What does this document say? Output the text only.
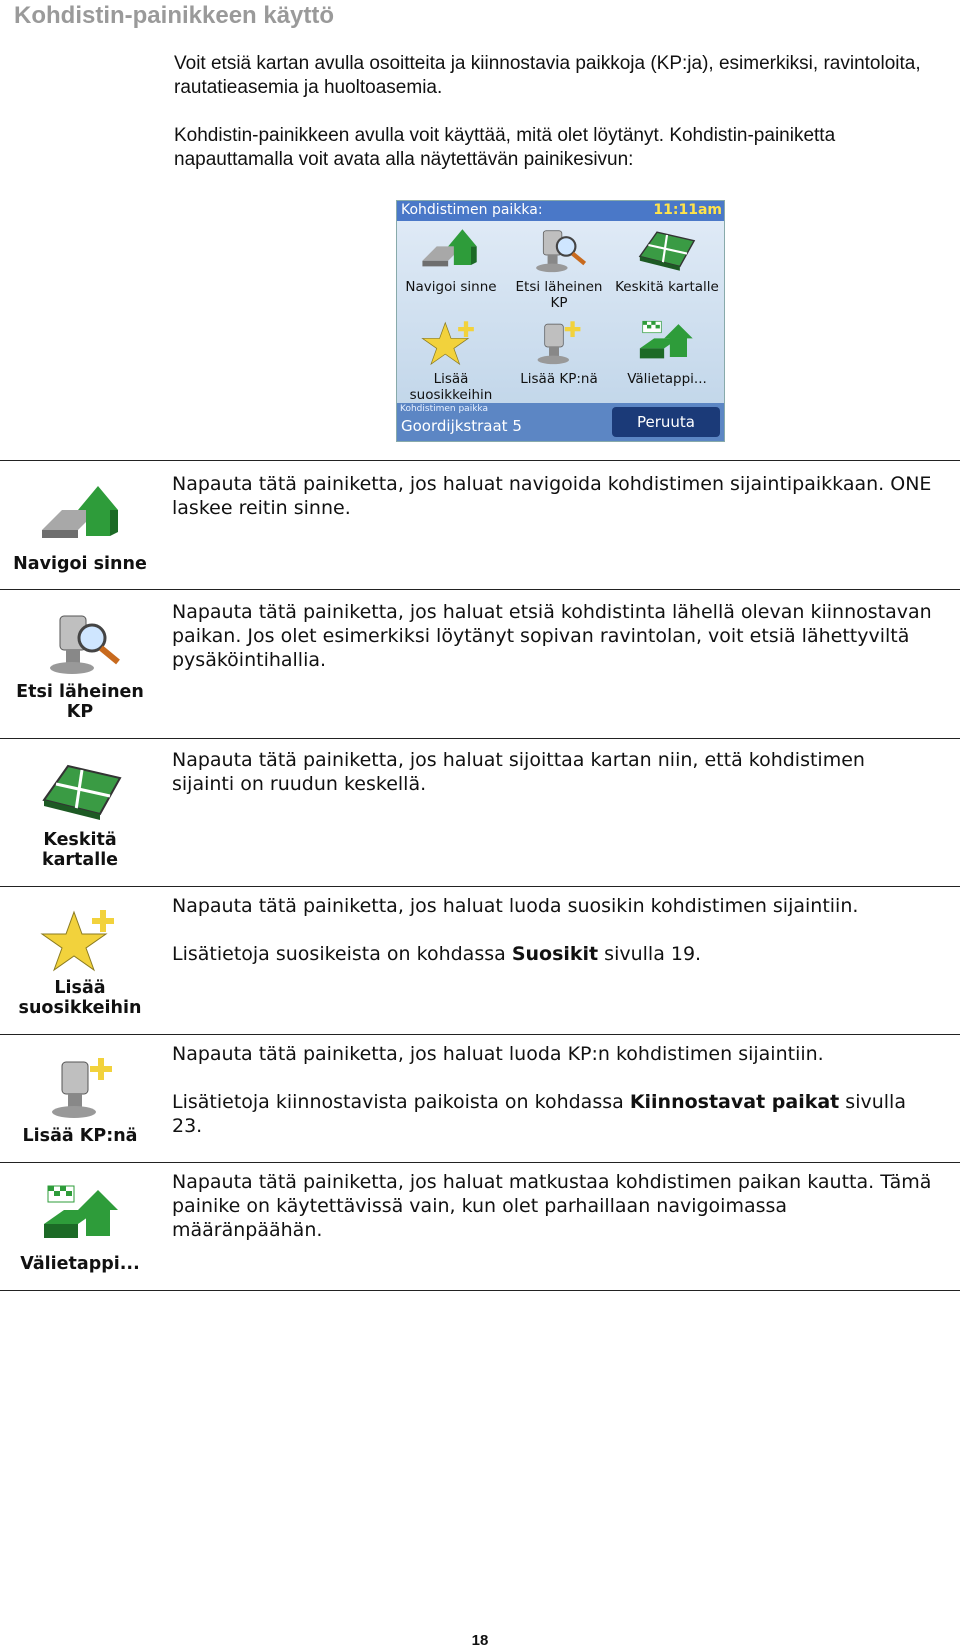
Kohdistin-painikkeen käyttö

Voit etsiä kartan avulla osoitteita ja kiinnostavia paikkoja (KP:ja), esimerkiksi, ravintoloita, rautatieasemia ja huoltoasemia.

Kohdistin-painikkeen avulla voit käyttää, mitä olet löytänyt. Kohdistin-painiketta napauttamalla voit avata alla näytettävän painikesivun:

Kohdistimen paikka:	11:11am
Navigoi sinne	Etsi läheinen KP
Keskitä kartalle
Lisää suosikkeihin
Lisää KP:nä	Välietappi...
Kohdistimen paikka
Goordijkstraat 5	Peruuta
Navigoi sinne

Napauta tätä painiketta, jos haluat navigoida kohdistimen sijaintipaikkaan. ONE laskee reitin sinne.

Etsi läheinen KP

Napauta tätä painiketta, jos haluat etsiä kohdistinta lähellä olevan kiinnostavan paikan. Jos olet esimerkiksi löytänyt sopivan ravintolan, voit etsiä lähettyviltä pysäköintihallia.

Keskitä kartalle

Napauta tätä painiketta, jos haluat sijoittaa kartan niin, että kohdistimen sijainti on ruudun keskellä.

Lisää suosikkeihin

Napauta tätä painiketta, jos haluat luoda suosikin kohdistimen sijaintiin.

Lisätietoja suosikeista on kohdassa Suosikit sivulla 19.

Lisää KP:nä

Napauta tätä painiketta, jos haluat luoda KP:n kohdistimen sijaintiin.

Lisätietoja kiinnostavista paikoista on kohdassa Kiinnostavat paikat sivulla 23.

Välietappi...

Napauta tätä painiketta, jos haluat matkustaa kohdistimen paikan kautta. Tämä painike on käytettävissä vain, kun olet parhaillaan navigoimassa määränpäähän.

18
